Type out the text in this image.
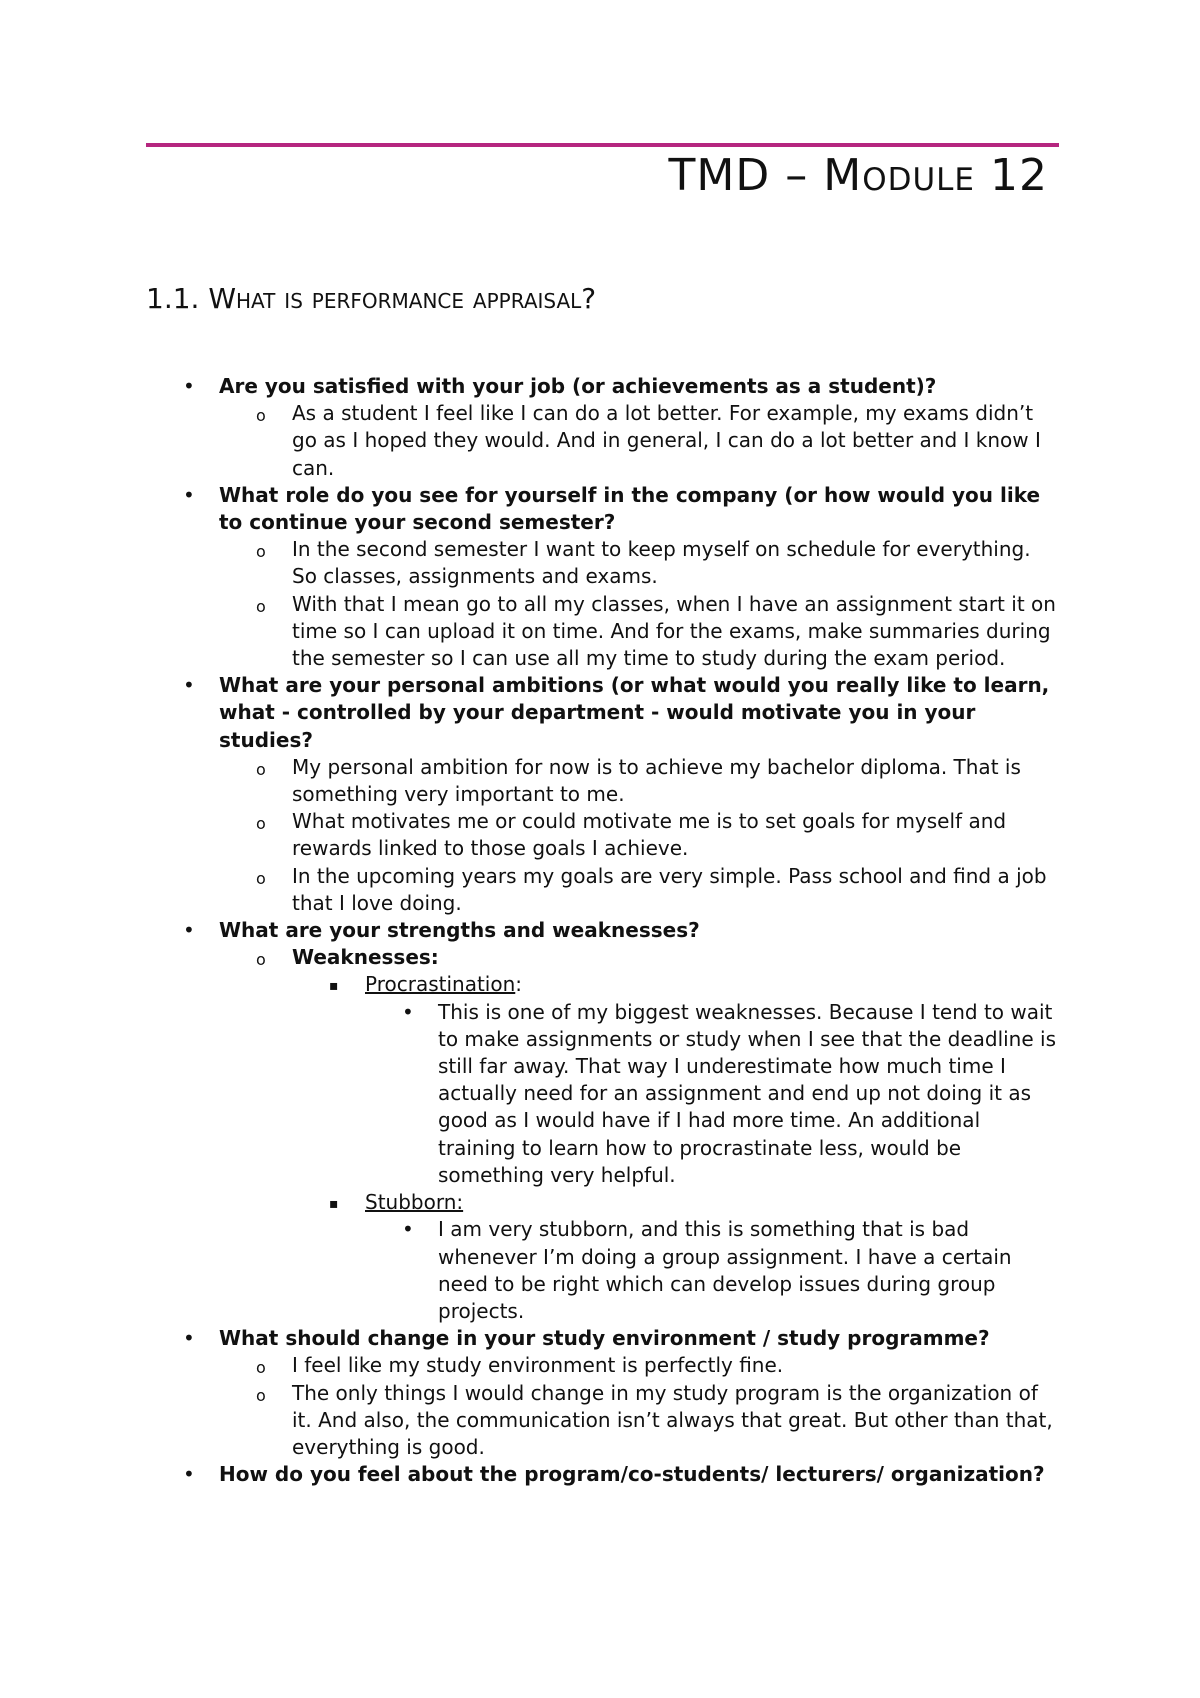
TMD – Module 12
1.1. What is performance appraisal?
• Are you satisfied with your job (or achievements as a student)?
o As a student I feel like I can do a lot better. For example, my exams didn’t go as I hoped they would. And in general, I can do a lot better and I know I can.
• What role do you see for yourself in the company (or how would you like to continue your second semester?
o In the second semester I want to keep myself on schedule for everything. So classes, assignments and exams.
o With that I mean go to all my classes, when I have an assignment start it on time so I can upload it on time. And for the exams, make summaries during the semester so I can use all my time to study during the exam period.
• What are your personal ambitions (or what would you really like to learn, what - controlled by your department - would motivate you in your studies?
o My personal ambition for now is to achieve my bachelor diploma. That is something very important to me.
o What motivates me or could motivate me is to set goals for myself and rewards linked to those goals I achieve.
o In the upcoming years my goals are very simple. Pass school and find a job that I love doing.
• What are your strengths and weaknesses?
o Weaknesses:
▪ Procrastination:
• This is one of my biggest weaknesses. Because I tend to wait to make assignments or study when I see that the deadline is still far away. That way I underestimate how much time I actually need for an assignment and end up not doing it as good as I would have if I had more time. An additional training to learn how to procrastinate less, would be something very helpful.
▪ Stubborn:
• I am very stubborn, and this is something that is bad whenever I’m doing a group assignment. I have a certain need to be right which can develop issues during group projects.
• What should change in your study environment / study programme?
o I feel like my study environment is perfectly fine.
o The only things I would change in my study program is the organization of it. And also, the communication isn’t always that great. But other than that, everything is good.
• How do you feel about the program/co-students/ lecturers/ organization?
